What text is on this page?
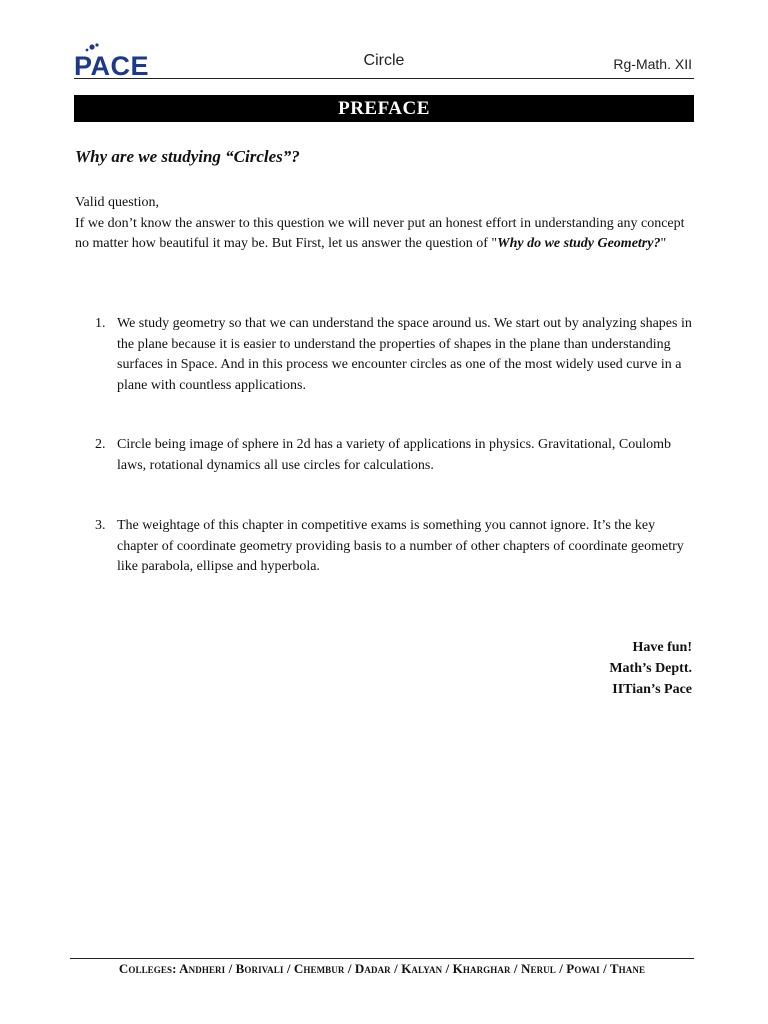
PACE	Circle	Rg-Math. XII
PREFACE
Why are we studying “Circles”?

Valid question,

If we don’t know the answer to this question we will never put an honest effort in understanding any concept no matter how beautiful it may be. But First, let us answer the question of "Why do we study Geometry?"

1. We study geometry so that we can understand the space around us. We start out by analyzing shapes in the plane because it is easier to understand the properties of shapes in the plane than understanding surfaces in Space. And in this process we encounter circles as one of the most widely used curve in a plane with countless applications.
2. Circle being image of sphere in 2d has a variety of applications in physics. Gravitational, Coulomb laws, rotational dynamics all use circles for calculations.
3. The weightage of this chapter in competitive exams is something you cannot ignore. It’s the key chapter of coordinate geometry providing basis to a number of other chapters of coordinate geometry like parabola, ellipse and hyperbola.
Have fun!
Math’s Deptt.
IITian’s Pace
Colleges: Andheri / Borivali / Chembur / Dadar / Kalyan / Kharghar / Nerul / Powai / Thane
